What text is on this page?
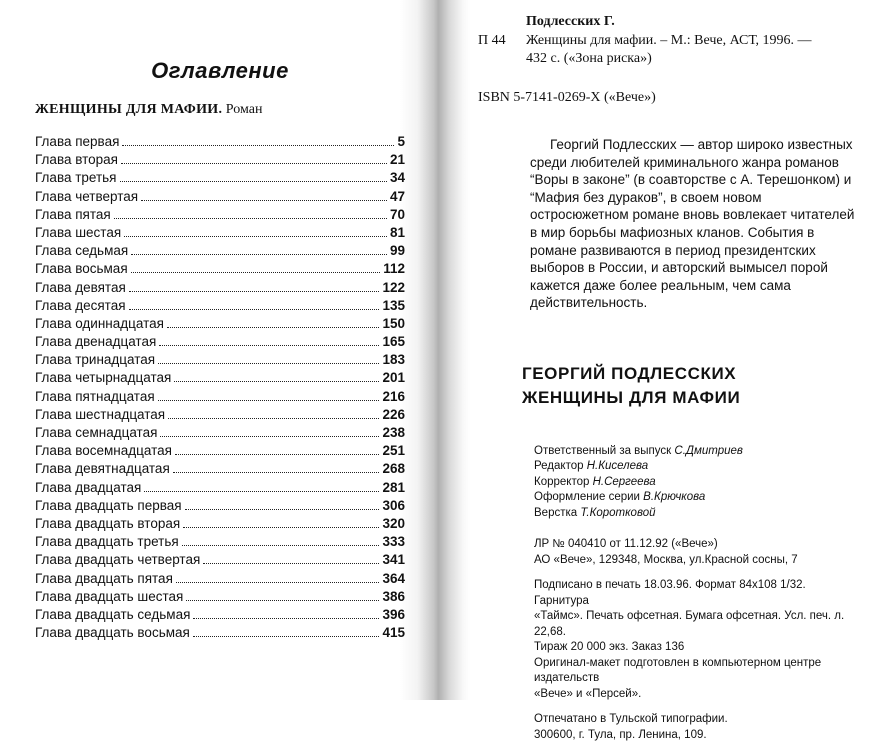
Оглавление
ЖЕНЩИНЫ ДЛЯ МАФИИ. Роман
Глава первая	5
Глава вторая	21
Глава третья	34
Глава четвертая	47
Глава пятая	70
Глава шестая	81
Глава седьмая	99
Глава восьмая	112
Глава девятая	122
Глава десятая	135
Глава одиннадцатая	150
Глава двенадцатая	165
Глава тринадцатая	183
Глава четырнадцатая	201
Глава пятнадцатая	216
Глава шестнадцатая	226
Глава семнадцатая	238
Глава восемнадцатая	251
Глава девятнадцатая	268
Глава двадцатая	281
Глава двадцать первая	306
Глава двадцать вторая	320
Глава двадцать третья	333
Глава двадцать четвертая	341
Глава двадцать пятая	364
Глава двадцать шестая	386
Глава двадцать седьмая	396
Глава двадцать восьмая	415
Подлесских Г.
П 44	Женщины для мафии. – М.: Вече, АСТ, 1996. —
432 с. («Зона риска»)
ISBN 5-7141-0269-Х («Вече»)
Георгий Подлесских — автор широко известных среди любителей криминального жанра романов “Воры в законе” (в соавторстве с А. Терешонком) и “Мафия без дураков”, в своем новом остросюжетном романе вновь вовлекает читателей в мир борьбы мафиозных кланов. События в романе развиваются в период президентских выборов в России, и авторский вымысел порой кажется даже более реальным, чем сама действительность.
ГЕОРГИЙ ПОДЛЕССКИХ
ЖЕНЩИНЫ ДЛЯ МАФИИ
Ответственный за выпуск С.Дмитриев
Редактор Н.Киселева
Корректор Н.Сергеева
Оформление серии В.Крючкова
Верстка Т.Коротковой
ЛР № 040410 от 11.12.92 («Вече»)
АО «Вече», 129348, Москва, ул.Красной сосны, 7
Подписано в печать 18.03.96. Формат 84х108 1/32. Гарнитура
«Таймс». Печать офсетная. Бумага офсетная. Усл. печ. л. 22,68.
Тираж 20 000 экз. Заказ 136
Оригинал-макет подготовлен в компьютерном центре издательств
«Вече» и «Персей».
Отпечатано в Тульской типографии.
300600, г. Тула, пр. Ленина, 109.
